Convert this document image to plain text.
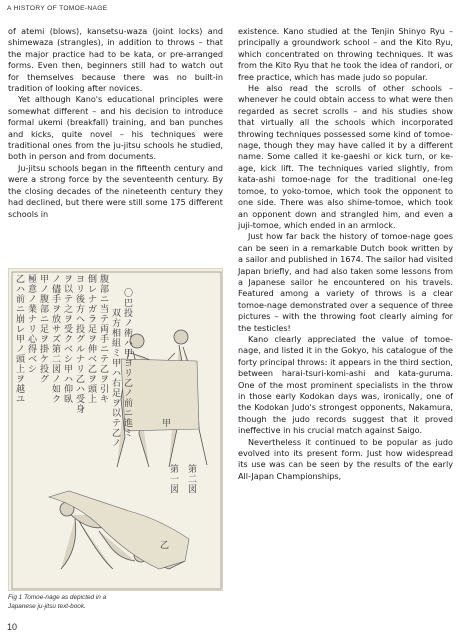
A HISTORY OF TOMOE-NAGE

of atemi (blows), kansetsu-waza (joint locks) and shimewaza (strangles), in addition to throws – that the major practice had to be kata, or pre-arranged forms. Even then, beginners still had to watch out for themselves because there was no built-in tradition of looking after novices.

Yet although Kano's educational principles were somewhat different – and his decision to introduce formal ukemi (breakfall) training, and ban punches and kicks, quite novel – his techniques were traditional ones from the ju-jitsu schools he studied, both in person and from documents.

Ju-jitsu schools began in the fifteenth century and were a strong force by the seventeenth century. By the closing decades of the nineteenth century they had declined, but there were still some 175 different schools in

乙ハ前ニ崩レ甲ノ頭上ヲ越ユ
極意ノ業ナリ心得ベシ
甲ノ腹部ニ足ヲ掛ケ投グ
ノ儘手ヲ放サズ第二図ノ如ク
ヲ以テ之ヲ受クベシ甲ハ仰臥
ヨリ後方ヘ投グルナリ乙ハ受身
倒レナガラ足ヲ伸ベ乙ヲ頭上
腹部ニ当テ両手ニテ乙ヲ引キ
双方相組ミ甲ハ右足ヲ以テ乙ノ
〇巴投ノ術ハ甲ヨリ乙ノ前ニ進ミ
第一図
第二図
甲
乙
Fig 1 Tomoe-nage as depicted in a
Japanese ju-jitsu text-book.

existence. Kano studied at the Tenjin Shinyo Ryu – principally a groundwork school – and the Kito Ryu, which concentrated on throwing techniques. It was from the Kito Ryu that he took the idea of randori, or free practice, which has made judo so popular.

He also read the scrolls of other schools – whenever he could obtain access to what were then regarded as secret scrolls – and his studies show that virtually all the schools which incorporated throwing techniques possessed some kind of tomoe-nage, though they may have called it by a different name. Some called it ke-gaeshi or kick turn, or ke-age, kick lift. The techniques varied slightly, from kata-ashi tomoe-nage for the traditional one-leg tomoe, to yoko-tomoe, which took the opponent to one side. There was also shime-tomoe, which took an opponent down and strangled him, and even a juji-tomoe, which ended in an armlock.

Just how far back the history of tomoe-nage goes can be seen in a remarkable Dutch book written by a sailor and published in 1674. The sailor had visited Japan briefly, and had also taken some lessons from a Japanese sailor he encountered on his travels. Featured among a variety of throws is a clear tomoe-nage demonstrated over a sequence of three pictures – with the throwing foot clearly aiming for the testicles!

Kano clearly appreciated the value of tomoe-nage, and listed it in the Gokyo, his catalogue of the forty principal throws: it appears in the third section, between harai-tsuri-komi-ashi and kata-guruma. One of the most prominent specialists in the throw in those early Kodokan days was, ironically, one of the Kodokan Judo's strongest opponents, Nakamura, though the judo records suggest that it proved ineffective in his crucial match against Saigo.

Nevertheless it continued to be popular as judo evolved into its present form. Just how widespread its use was can be seen by the results of the early All-Japan Championships,

10
